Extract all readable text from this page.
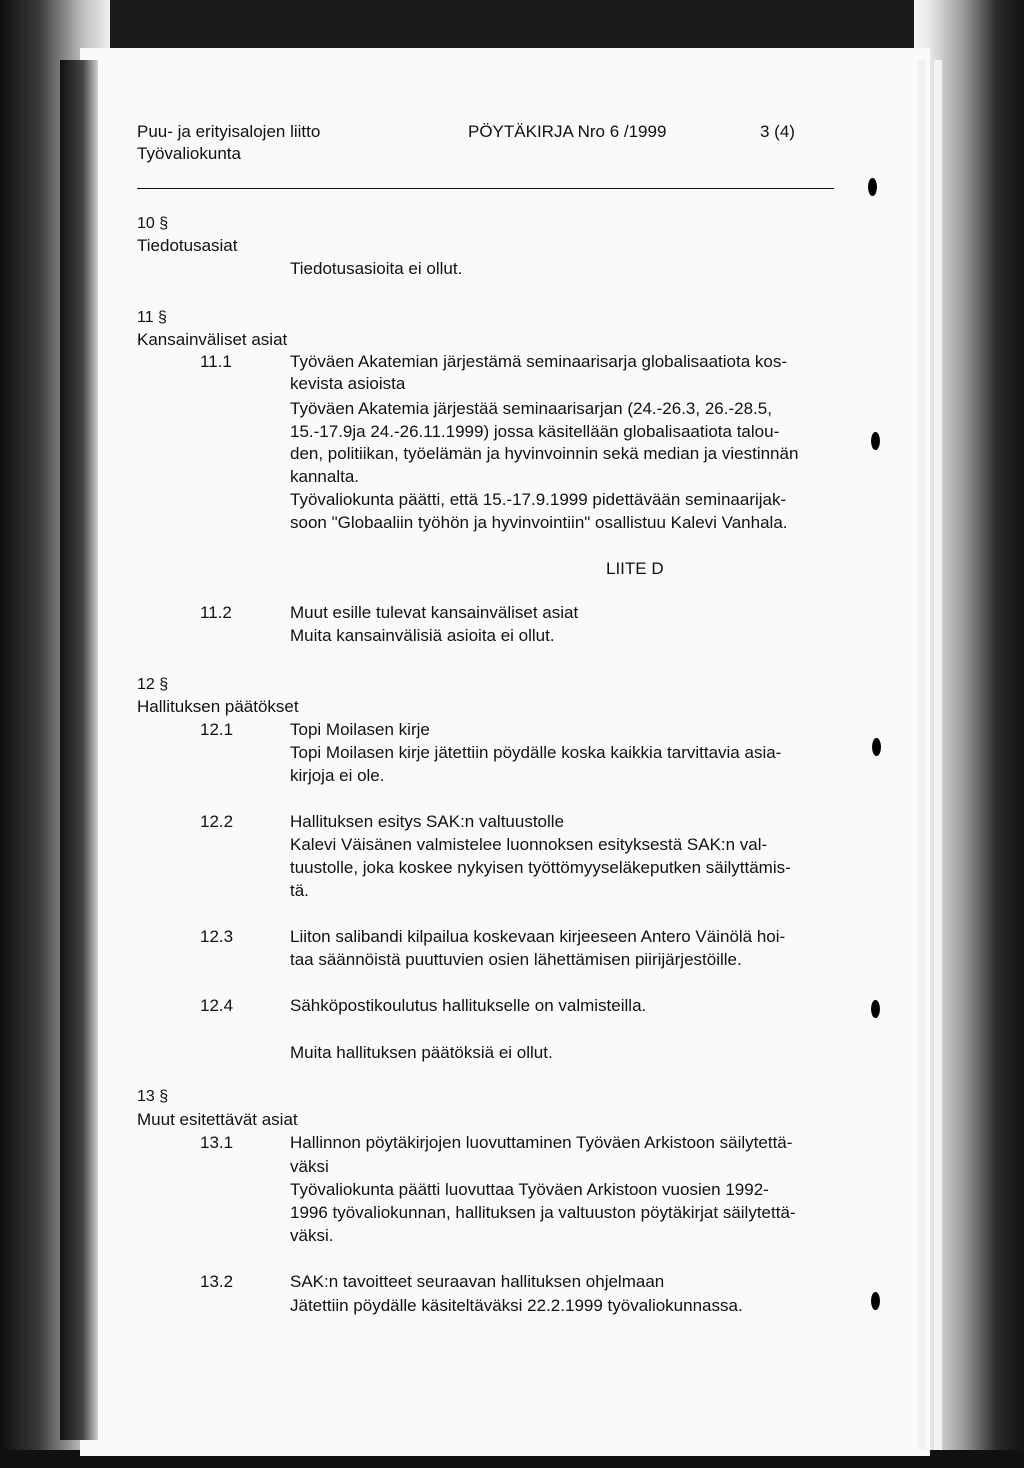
Puu- ja erityisalojen liitto
Työvaliokunta
PÖYTÄKIRJA Nro 6 /1999	3 (4)
10 §
Tiedotusasiat
Tiedotusasioita ei ollut.
11 §
Kansainväliset asiat
11.1	Työväen Akatemian järjestämä seminaarisarja globalisaatiota kos-
kevista asioista
Työväen Akatemia järjestää seminaarisarjan (24.-26.3, 26.-28.5,
15.-17.9ja 24.-26.11.1999) jossa käsitellään globalisaatiota talou-
den, politiikan, työelämän ja hyvinvoinnin sekä median ja viestinnän
kannalta.
Työvaliokunta päätti, että 15.-17.9.1999 pidettävään seminaarijak-
soon "Globaaliin työhön ja hyvinvointiin" osallistuu Kalevi Vanhala.
LIITE D
11.2	Muut esille tulevat kansainväliset asiat
Muita kansainvälisiä asioita ei ollut.
12 §
Hallituksen päätökset
12.1	Topi Moilasen kirje
Topi Moilasen kirje jätettiin pöydälle koska kaikkia tarvittavia asia-
kirjoja ei ole.
12.2	Hallituksen esitys SAK:n valtuustolle
Kalevi Väisänen valmistelee luonnoksen esityksestä SAK:n val-
tuustolle, joka koskee nykyisen työttömyyseläkeputken säilyttämis-
tä.
12.3	Liiton salibandi kilpailua koskevaan kirjeeseen Antero Väinölä hoi-
taa säännöistä puuttuvien osien lähettämisen piirijärjestöille.
12.4	Sähköpostikoulutus hallitukselle on valmisteilla.
Muita hallituksen päätöksiä ei ollut.
13 §
Muut esitettävät asiat
13.1	Hallinnon pöytäkirjojen luovuttaminen Työväen Arkistoon säilytettä-
väksi
Työvaliokunta päätti luovuttaa Työväen Arkistoon vuosien 1992-
1996 työvaliokunnan, hallituksen ja valtuuston pöytäkirjat säilytettä-
väksi.
13.2	SAK:n tavoitteet seuraavan hallituksen ohjelmaan
Jätettiin pöydälle käsiteltäväksi 22.2.1999 työvaliokunnassa.
